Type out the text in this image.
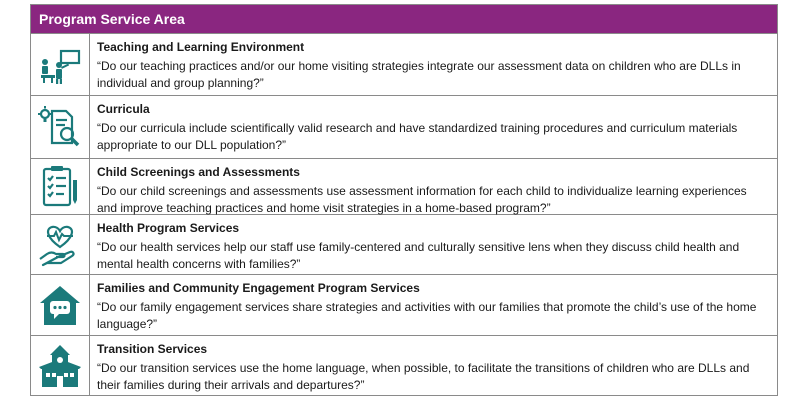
Program Service Area
Teaching and Learning Environment
“Do our teaching practices and/or our home visiting strategies integrate our assessment data on children who are DLLs in individual and group planning?”
Curricula
“Do our curricula include scientifically valid research and have standardized training procedures and curriculum materials appropriate to our DLL population?”
Child Screenings and Assessments
“Do our child screenings and assessments use assessment information for each child to individualize learning experiences and improve teaching practices and home visit strategies in a home-based program?”
Health Program Services
“Do our health services help our staff use family-centered and culturally sensitive lens when they discuss child health and mental health concerns with families?”
Families and Community Engagement Program Services
“Do our family engagement services share strategies and activities with our families that promote the child’s use of the home language?”
Transition Services
“Do our transition services use the home language, when possible, to facilitate the transitions of children who are DLLs and their families during their arrivals and departures?”
